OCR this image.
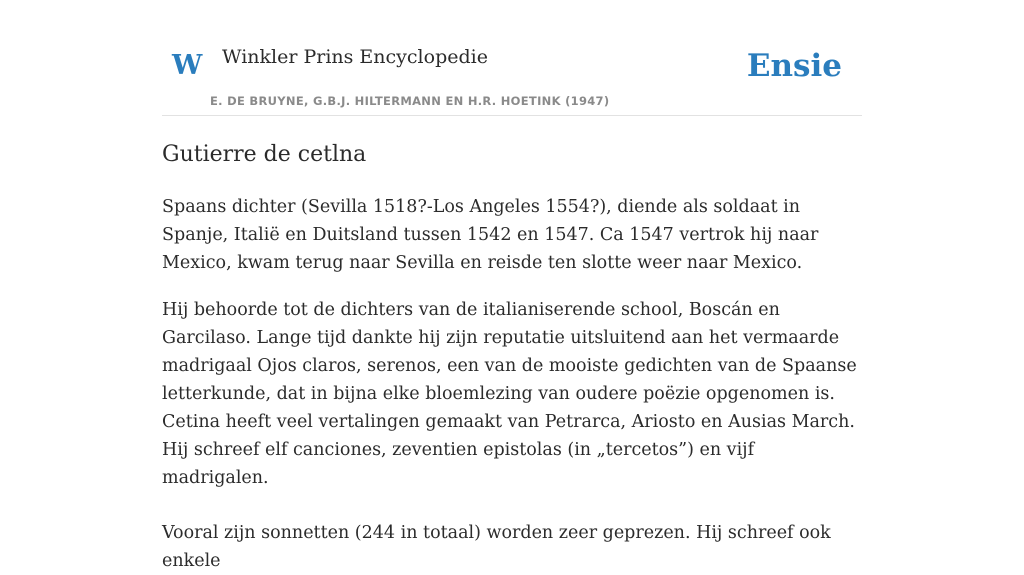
W Winkler Prins Encyclopedie
E. DE BRUYNE, G.B.J. HILTERMANN EN H.R. HOETINK (1947)
Ensie
Gutierre de cetlna

Spaans dichter (Sevilla 1518?-Los Angeles 1554?), diende als soldaat in Spanje, Italië en Duitsland tussen 1542 en 1547. Ca 1547 vertrok hij naar Mexico, kwam terug naar Sevilla en reisde ten slotte weer naar Mexico.

Hij behoorde tot de dichters van de italianiserende school, Boscán en Garcilaso. Lange tijd dankte hij zijn reputatie uitsluitend aan het vermaarde madrigaal Ojos claros, serenos, een van de mooiste gedichten van de Spaanse letterkunde, dat in bijna elke bloemlezing van oudere poëzie opgenomen is. Cetina heeft veel vertalingen gemaakt van Petrarca, Ariosto en Ausias March. Hij schreef elf canciones, zeventien epistolas (in „tercetos”) en vijf madrigalen.

Vooral zijn sonnetten (244 in totaal) worden zeer geprezen. Hij schreef ook enkele
